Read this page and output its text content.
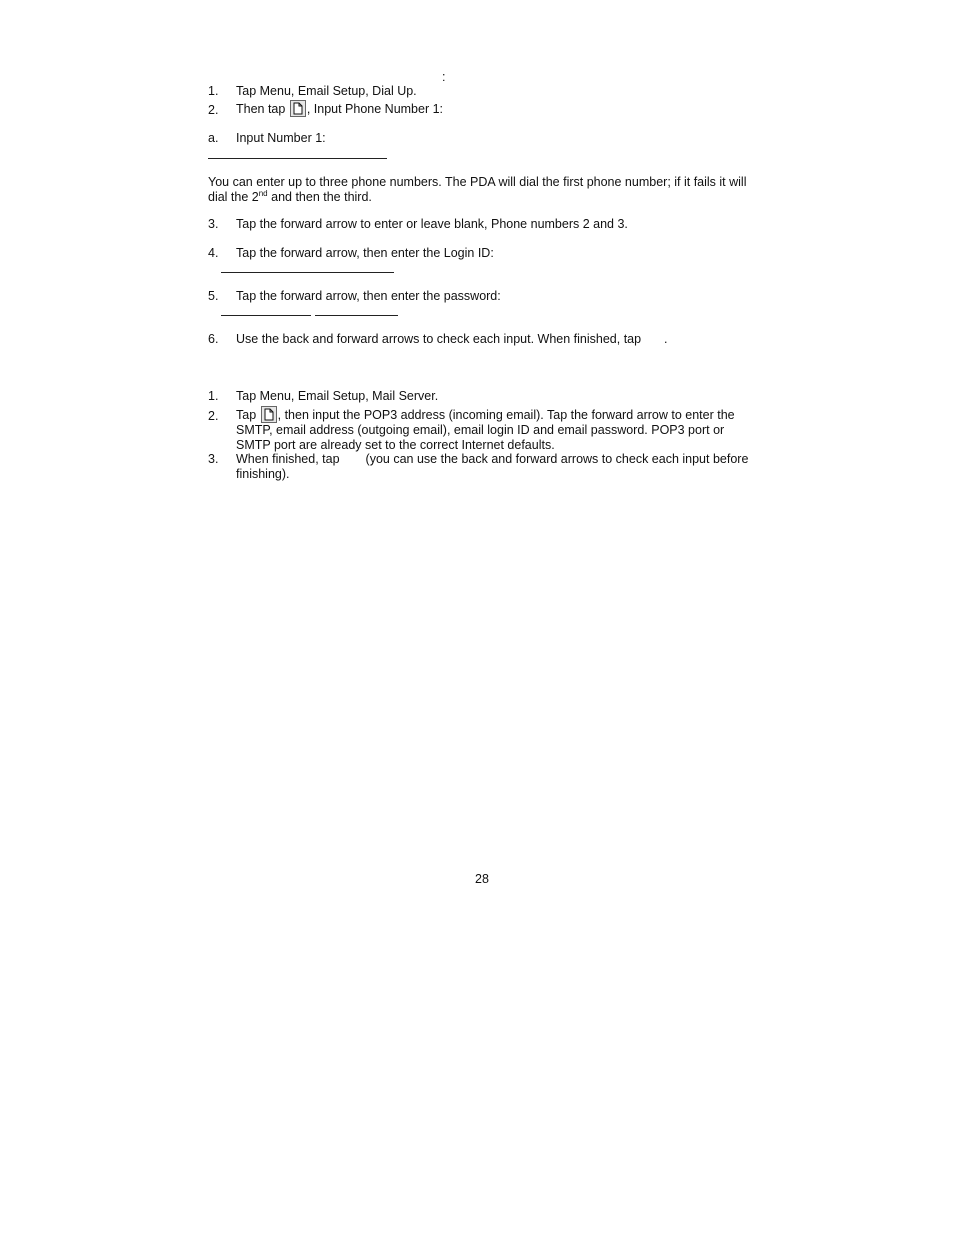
:
1. Tap Menu, Email Setup, Dial Up.
2. Then tap , Input Phone Number 1:
a. Input Number 1:
You can enter up to three phone numbers. The PDA will dial the first phone number; if it fails it will dial the 2nd and then the third.
3. Tap the forward arrow to enter or leave blank, Phone numbers 2 and 3.
4. Tap the forward arrow, then enter the Login ID:
5. Tap the forward arrow, then enter the password:
6. Use the back and forward arrows to check each input. When finished, tap .
1. Tap Menu, Email Setup, Mail Server.
2. Tap , then input the POP3 address (incoming email). Tap the forward arrow to enter the SMTP, email address (outgoing email), email login ID and email password. POP3 port or SMTP port are already set to the correct Internet defaults.
3. When finished, tap (you can use the back and forward arrows to check each input before finishing).
28
